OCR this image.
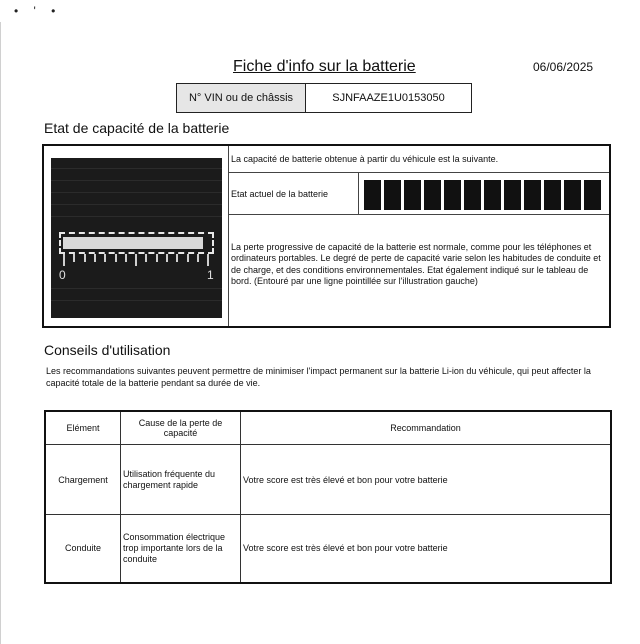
• ' •
Fiche d'info sur la batterie	06/06/2025
N° VIN ou de châssis	SJNFAAZE1U0153050
Etat de capacité de la batterie
0	1
La capacité de batterie obtenue à partir du véhicule est la suivante.
Etat actuel de la batterie
La perte progressive de capacité de la batterie est normale, comme pour les téléphones et ordinateurs portables. Le degré de perte de capacité varie selon les habitudes de conduite et de charge, et des conditions environnementales. Etat également indiqué sur le tableau de bord. (Entouré par une ligne pointillée sur l'illustration gauche)
Conseils d'utilisation
Les recommandations suivantes peuvent permettre de minimiser l'impact permanent sur la batterie Li-ion du véhicule, qui peut affecter la capacité totale de la batterie pendant sa durée de vie.
Elément	Cause de la perte de capacité	Recommandation
Chargement	Utilisation fréquente du chargement rapide	Votre score est très élevé et bon pour votre batterie
Conduite	Consommation électrique trop importante lors de la conduite	Votre score est très élevé et bon pour votre batterie
